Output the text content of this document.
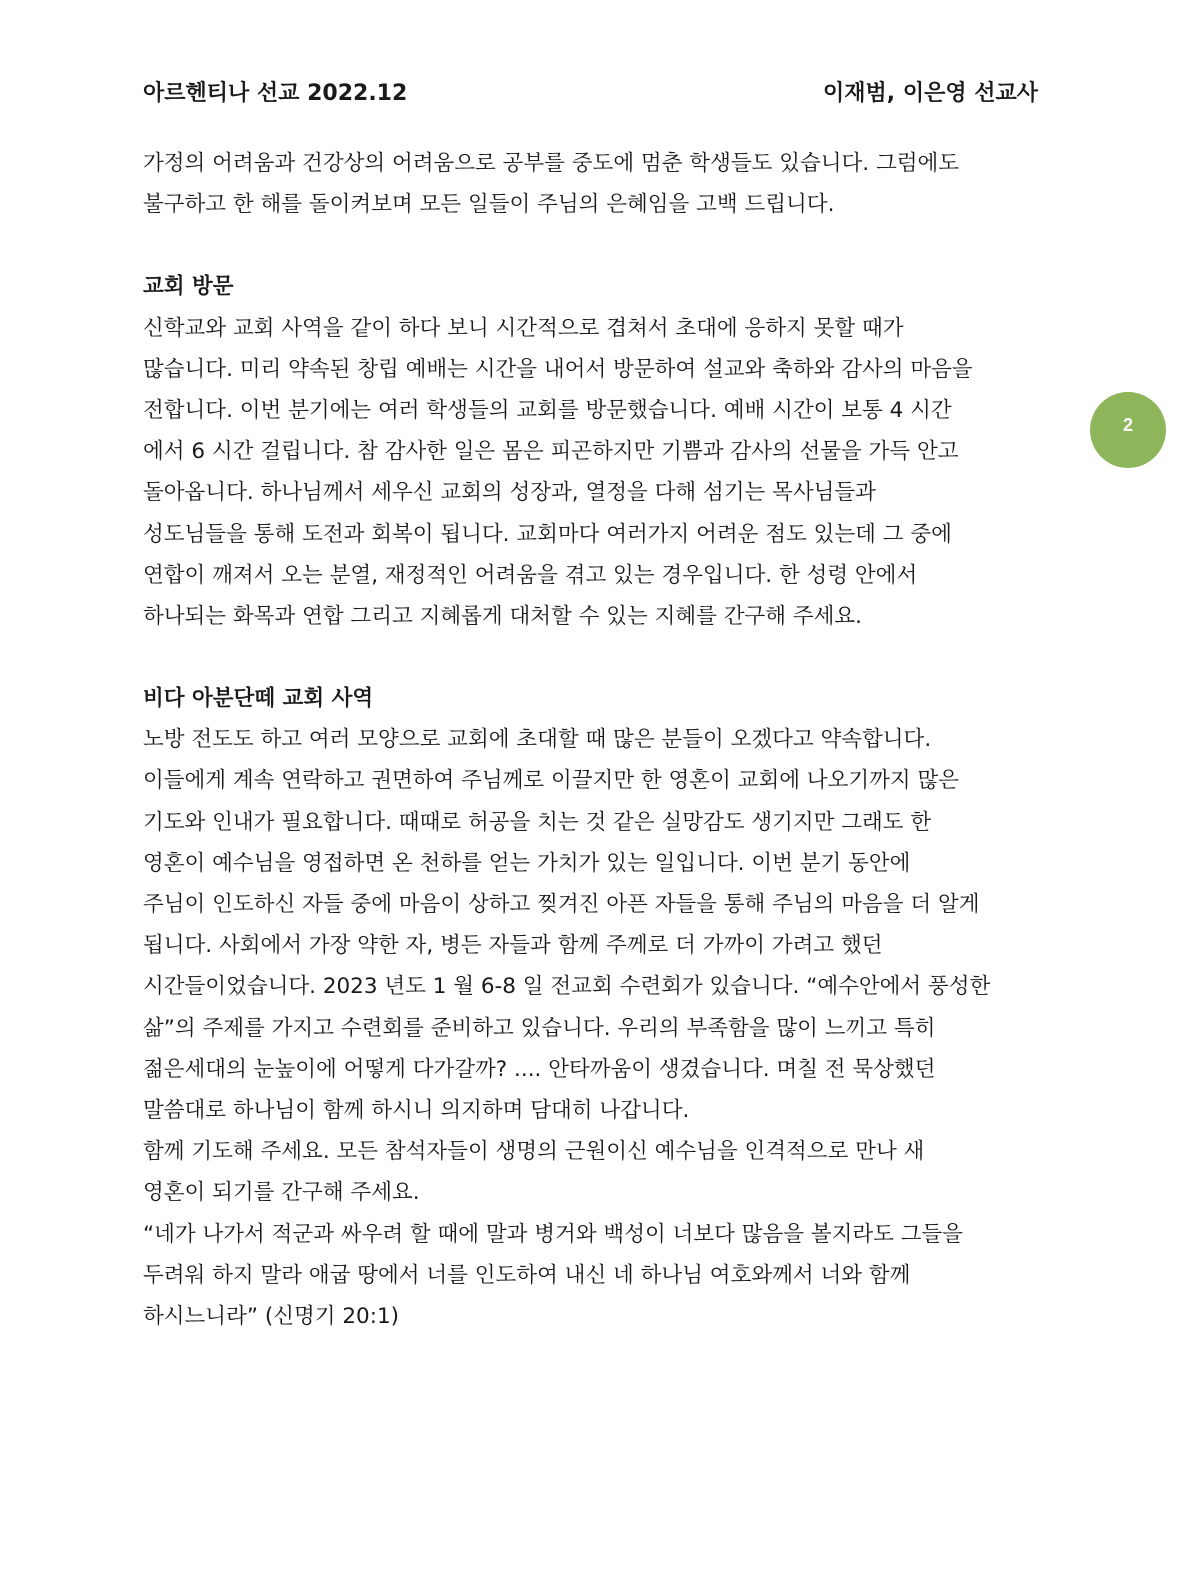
아르헨티나 선교 2022.12	이재범, 이은영 선교사
2
가정의 어려움과 건강상의 어려움으로 공부를 중도에 멈춘 학생들도 있습니다. 그럼에도
불구하고 한 해를 돌이켜보며 모든 일들이 주님의 은혜임을 고백 드립니다.
교회 방문
신학교와 교회 사역을 같이 하다 보니 시간적으로 겹쳐서 초대에 응하지 못할 때가
많습니다. 미리 약속된 창립 예배는 시간을 내어서 방문하여 설교와 축하와 감사의 마음을
전합니다. 이번 분기에는 여러 학생들의 교회를 방문했습니다. 예배 시간이 보통 4 시간
에서 6 시간 걸립니다. 참 감사한 일은 몸은 피곤하지만 기쁨과 감사의 선물을 가득 안고
돌아옵니다. 하나님께서 세우신 교회의 성장과, 열정을 다해 섬기는 목사님들과
성도님들을 통해 도전과 회복이 됩니다. 교회마다 여러가지 어려운 점도 있는데 그 중에
연합이 깨져서 오는 분열, 재정적인 어려움을 겪고 있는 경우입니다. 한 성령 안에서
하나되는 화목과 연합 그리고 지혜롭게 대처할 수 있는 지혜를 간구해 주세요.
비다 아분단떼 교회 사역
노방 전도도 하고 여러 모양으로 교회에 초대할 때 많은 분들이 오겠다고 약속합니다.
이들에게 계속 연락하고 권면하여 주님께로 이끌지만 한 영혼이 교회에 나오기까지 많은
기도와 인내가 필요합니다. 때때로 허공을 치는 것 같은 실망감도 생기지만 그래도 한
영혼이 예수님을 영접하면 온 천하를 얻는 가치가 있는 일입니다. 이번 분기 동안에
주님이 인도하신 자들 중에 마음이 상하고 찢겨진 아픈 자들을 통해 주님의 마음을 더 알게
됩니다. 사회에서 가장 약한 자, 병든 자들과 함께 주께로 더 가까이 가려고 했던
시간들이었습니다. 2023 년도 1 월 6-8 일 전교회 수련회가 있습니다. “예수안에서 풍성한
삶”의 주제를 가지고 수련회를 준비하고 있습니다. 우리의 부족함을 많이 느끼고 특히
젊은세대의 눈높이에 어떻게 다가갈까? .... 안타까움이 생겼습니다. 며칠 전 묵상했던
말씀대로 하나님이 함께 하시니 의지하며 담대히 나갑니다.
함께 기도해 주세요. 모든 참석자들이 생명의 근원이신 예수님을 인격적으로 만나 새
영혼이 되기를 간구해 주세요.
“네가 나가서 적군과 싸우려 할 때에 말과 병거와 백성이 너보다 많음을 볼지라도 그들을
두려워 하지 말라 애굽 땅에서 너를 인도하여 내신 네 하나님 여호와께서 너와 함께
하시느니라” (신명기 20:1)
